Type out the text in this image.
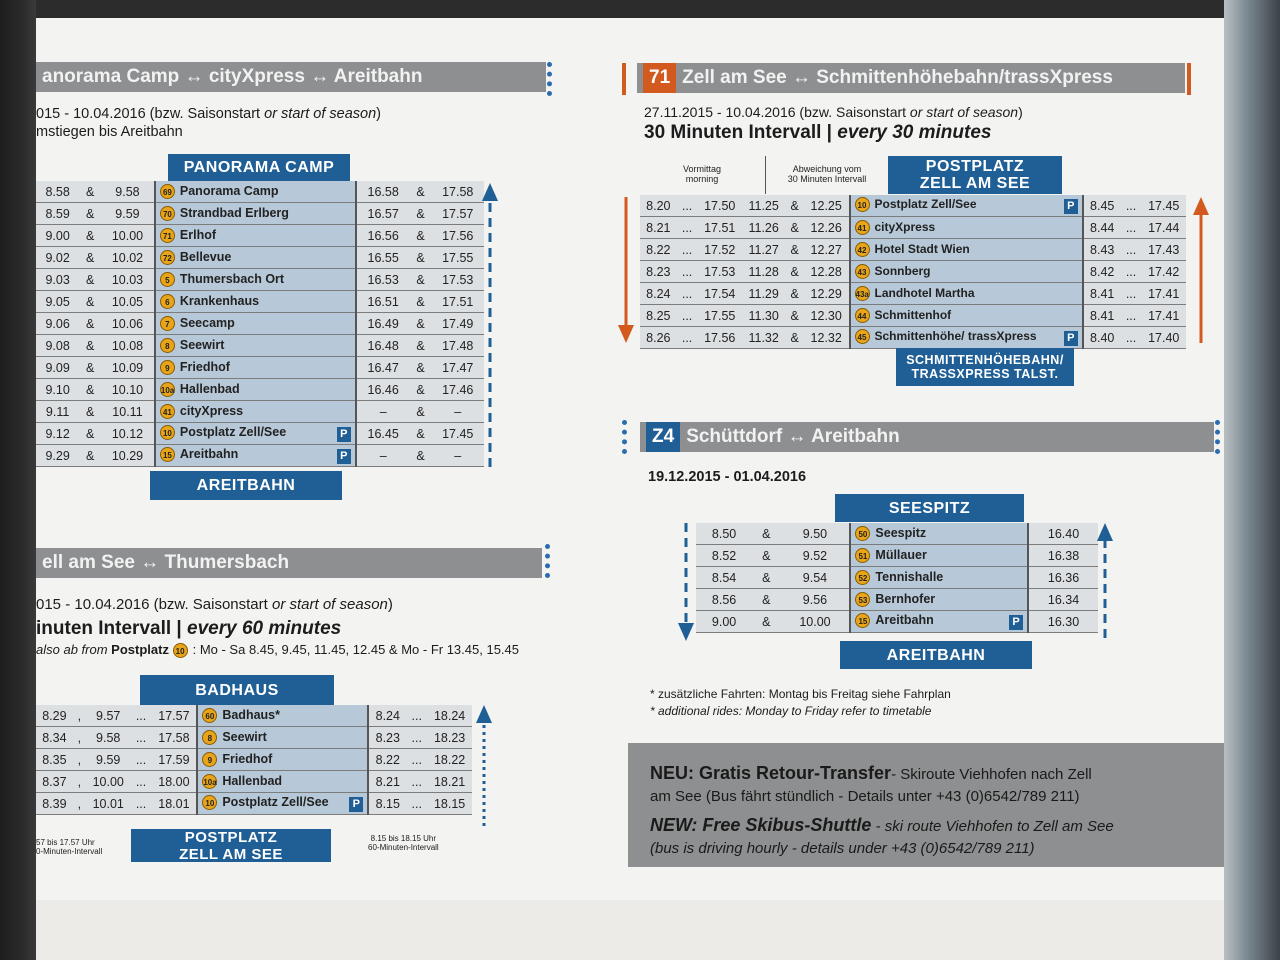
anorama Camp ↔ cityXpress ↔ Areitbahn
015 - 10.04.2016 (bzw. Saisonstart or start of season)
mstiegen bis Areitbahn
PANORAMA CAMP
8.58	&	9.58	69 Panorama Camp	16.58	&	17.58
8.59	&	9.59	70 Strandbad Erlberg	16.57	&	17.57
9.00	&	10.00	71 Erlhof	16.56	&	17.56
9.02	&	10.02	72 Bellevue	16.55	&	17.55
9.03	&	10.03	5 Thumersbach Ort	16.53	&	17.53
9.05	&	10.05	6 Krankenhaus	16.51	&	17.51
9.06	&	10.06	7 Seecamp	16.49	&	17.49
9.08	&	10.08	8 Seewirt	16.48	&	17.48
9.09	&	10.09	9 Friedhof	16.47	&	17.47
9.10	&	10.10	10a Hallenbad	16.46	&	17.46
9.11	&	10.11	41 cityXpress	–	&	–
9.12	&	10.12	10 Postplatz Zell/See P	16.45	&	17.45
9.29	&	10.29	15 Areitbahn P	–	&	–
AREITBAHN
ell am See ↔ Thumersbach
015 - 10.04.2016 (bzw. Saisonstart or start of season)
inuten Intervall | every 60 minutes
also ab from Postplatz 10 : Mo - Sa 8.45, 9.45, 11.45, 12.45 & Mo - Fr 13.45, 15.45
BADHAUS
8.29	,	9.57	...	17.57	60 Badhaus*	8.24	...	18.24
8.34	,	9.58	...	17.58	8 Seewirt	8.23	...	18.23
8.35	,	9.59	...	17.59	9 Friedhof	8.22	...	18.22
8.37	,	10.00	...	18.00	10a Hallenbad	8.21	...	18.21
8.39	,	10.01	...	18.01	10 Postplatz Zell/See P	8.15	...	18.15
POSTPLATZ
ZELL AM SEE
57 bis 17.57 Uhr
0-Minuten-Intervall
8.15 bis 18.15 Uhr
60-Minuten-Intervall
71 Zell am See ↔ Schmittenhöhebahn/trassXpress
27.11.2015 - 10.04.2016 (bzw. Saisonstart or start of season)
30 Minuten Intervall | every 30 minutes
Vormittag
morning
Abweichung vom
30 Minuten Intervall
POSTPLATZ
ZELL AM SEE
8.20	...	17.50	11.25	&	12.25	10 Postplatz Zell/See P	8.45	...	17.45
8.21	...	17.51	11.26	&	12.26	41 cityXpress	8.44	...	17.44
8.22	...	17.52	11.27	&	12.27	42 Hotel Stadt Wien	8.43	...	17.43
8.23	...	17.53	11.28	&	12.28	43 Sonnberg	8.42	...	17.42
8.24	...	17.54	11.29	&	12.29	43a Landhotel Martha	8.41	...	17.41
8.25	...	17.55	11.30	&	12.30	44 Schmittenhof	8.41	...	17.41
8.26	...	17.56	11.32	&	12.32	45 Schmittenhöhe/ trassXpress P	8.40	...	17.40
SCHMITTENHÖHEBAHN/
TRASSXPRESS TALST.
Z4 Schüttdorf ↔ Areitbahn
19.12.2015 - 01.04.2016
SEESPITZ
8.50	&	9.50	50 Seespitz	16.40
8.52	&	9.52	51 Müllauer	16.38
8.54	&	9.54	52 Tennishalle	16.36
8.56	&	9.56	53 Bernhofer	16.34
9.00	&	10.00	15 Areitbahn P	16.30
AREITBAHN
* zusätzliche Fahrten: Montag bis Freitag siehe Fahrplan
* additional rides: Monday to Friday refer to timetable
NEU: Gratis Retour-Transfer- Skiroute Viehhofen nach Zell
am See (Bus fährt stündlich - Details unter +43 (0)6542/789 211)
NEW: Free Skibus-Shuttle - ski route Viehhofen to Zell am See
(bus is driving hourly - details under +43 (0)6542/789 211)
